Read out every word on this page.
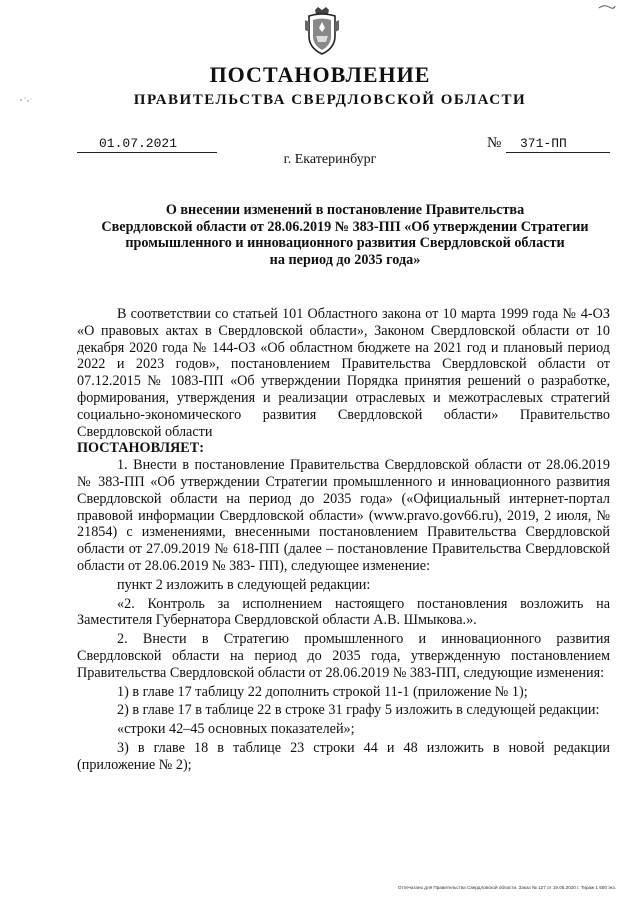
ПОСТАНОВЛЕНИЕ
ПРАВИТЕЛЬСТВА СВЕРДЛОВСКОЙ ОБЛАСТИ
01.07.2021	№	371-ПП
г. Екатеринбург
О внесении изменений в постановление Правительства
Свердловской области от 28.06.2019 № 383-ПП «Об утверждении Стратегии
промышленного и инновационного развития Свердловской области
на период до 2035 года»

В соответствии со статьей 101 Областного закона от 10 марта 1999 года № 4-ОЗ «О правовых актах в Свердловской области», Законом Свердловской области от 10 декабря 2020 года № 144-ОЗ «Об областном бюджете на 2021 год и плановый период 2022 и 2023 годов», постановлением Правительства Свердловской области от 07.12.2015 № 1083-ПП «Об утверждении Порядка принятия решений о разработке, формирования, утверждения и реализации отраслевых и межотраслевых стратегий социально-экономического развития Свердловской области» Правительство Свердловской области

ПОСТАНОВЛЯЕТ:

1. Внести в постановление Правительства Свердловской области от 28.06.2019 № 383-ПП «Об утверждении Стратегии промышленного и инновационного развития Свердловской области на период до 2035 года» («Официальный интернет-портал правовой информации Свердловской области» (www.pravo.gov66.ru), 2019, 2 июля, № 21854) с изменениями, внесенными постановлением Правительства Свердловской области от 27.09.2019 № 618-ПП (далее – постановление Правительства Свердловской области от 28.06.2019 № 383- ПП), следующее изменение:

пункт 2 изложить в следующей редакции:

«2. Контроль за исполнением настоящего постановления возложить на Заместителя Губернатора Свердловской области А.В. Шмыкова.».

2. Внести в Стратегию промышленного и инновационного развития Свердловской области на период до 2035 года, утвержденную постановлением Правительства Свердловской области от 28.06.2019 № 383-ПП, следующие изменения:

1) в главе 17 таблицу 22 дополнить строкой 11-1 (приложение № 1);

2) в главе 17 в таблице 22 в строке 31 графу 5 изложить в следующей редакции:

«строки 42–45 основных показателей»;

3) в главе 18 в таблице 23 строки 44 и 48 изложить в новой редакции (приложение № 2);

Отпечатано для Правительства Свердловской области. Заказ № 127 от 19.05.2020 г. Тираж 1 500 экз.
